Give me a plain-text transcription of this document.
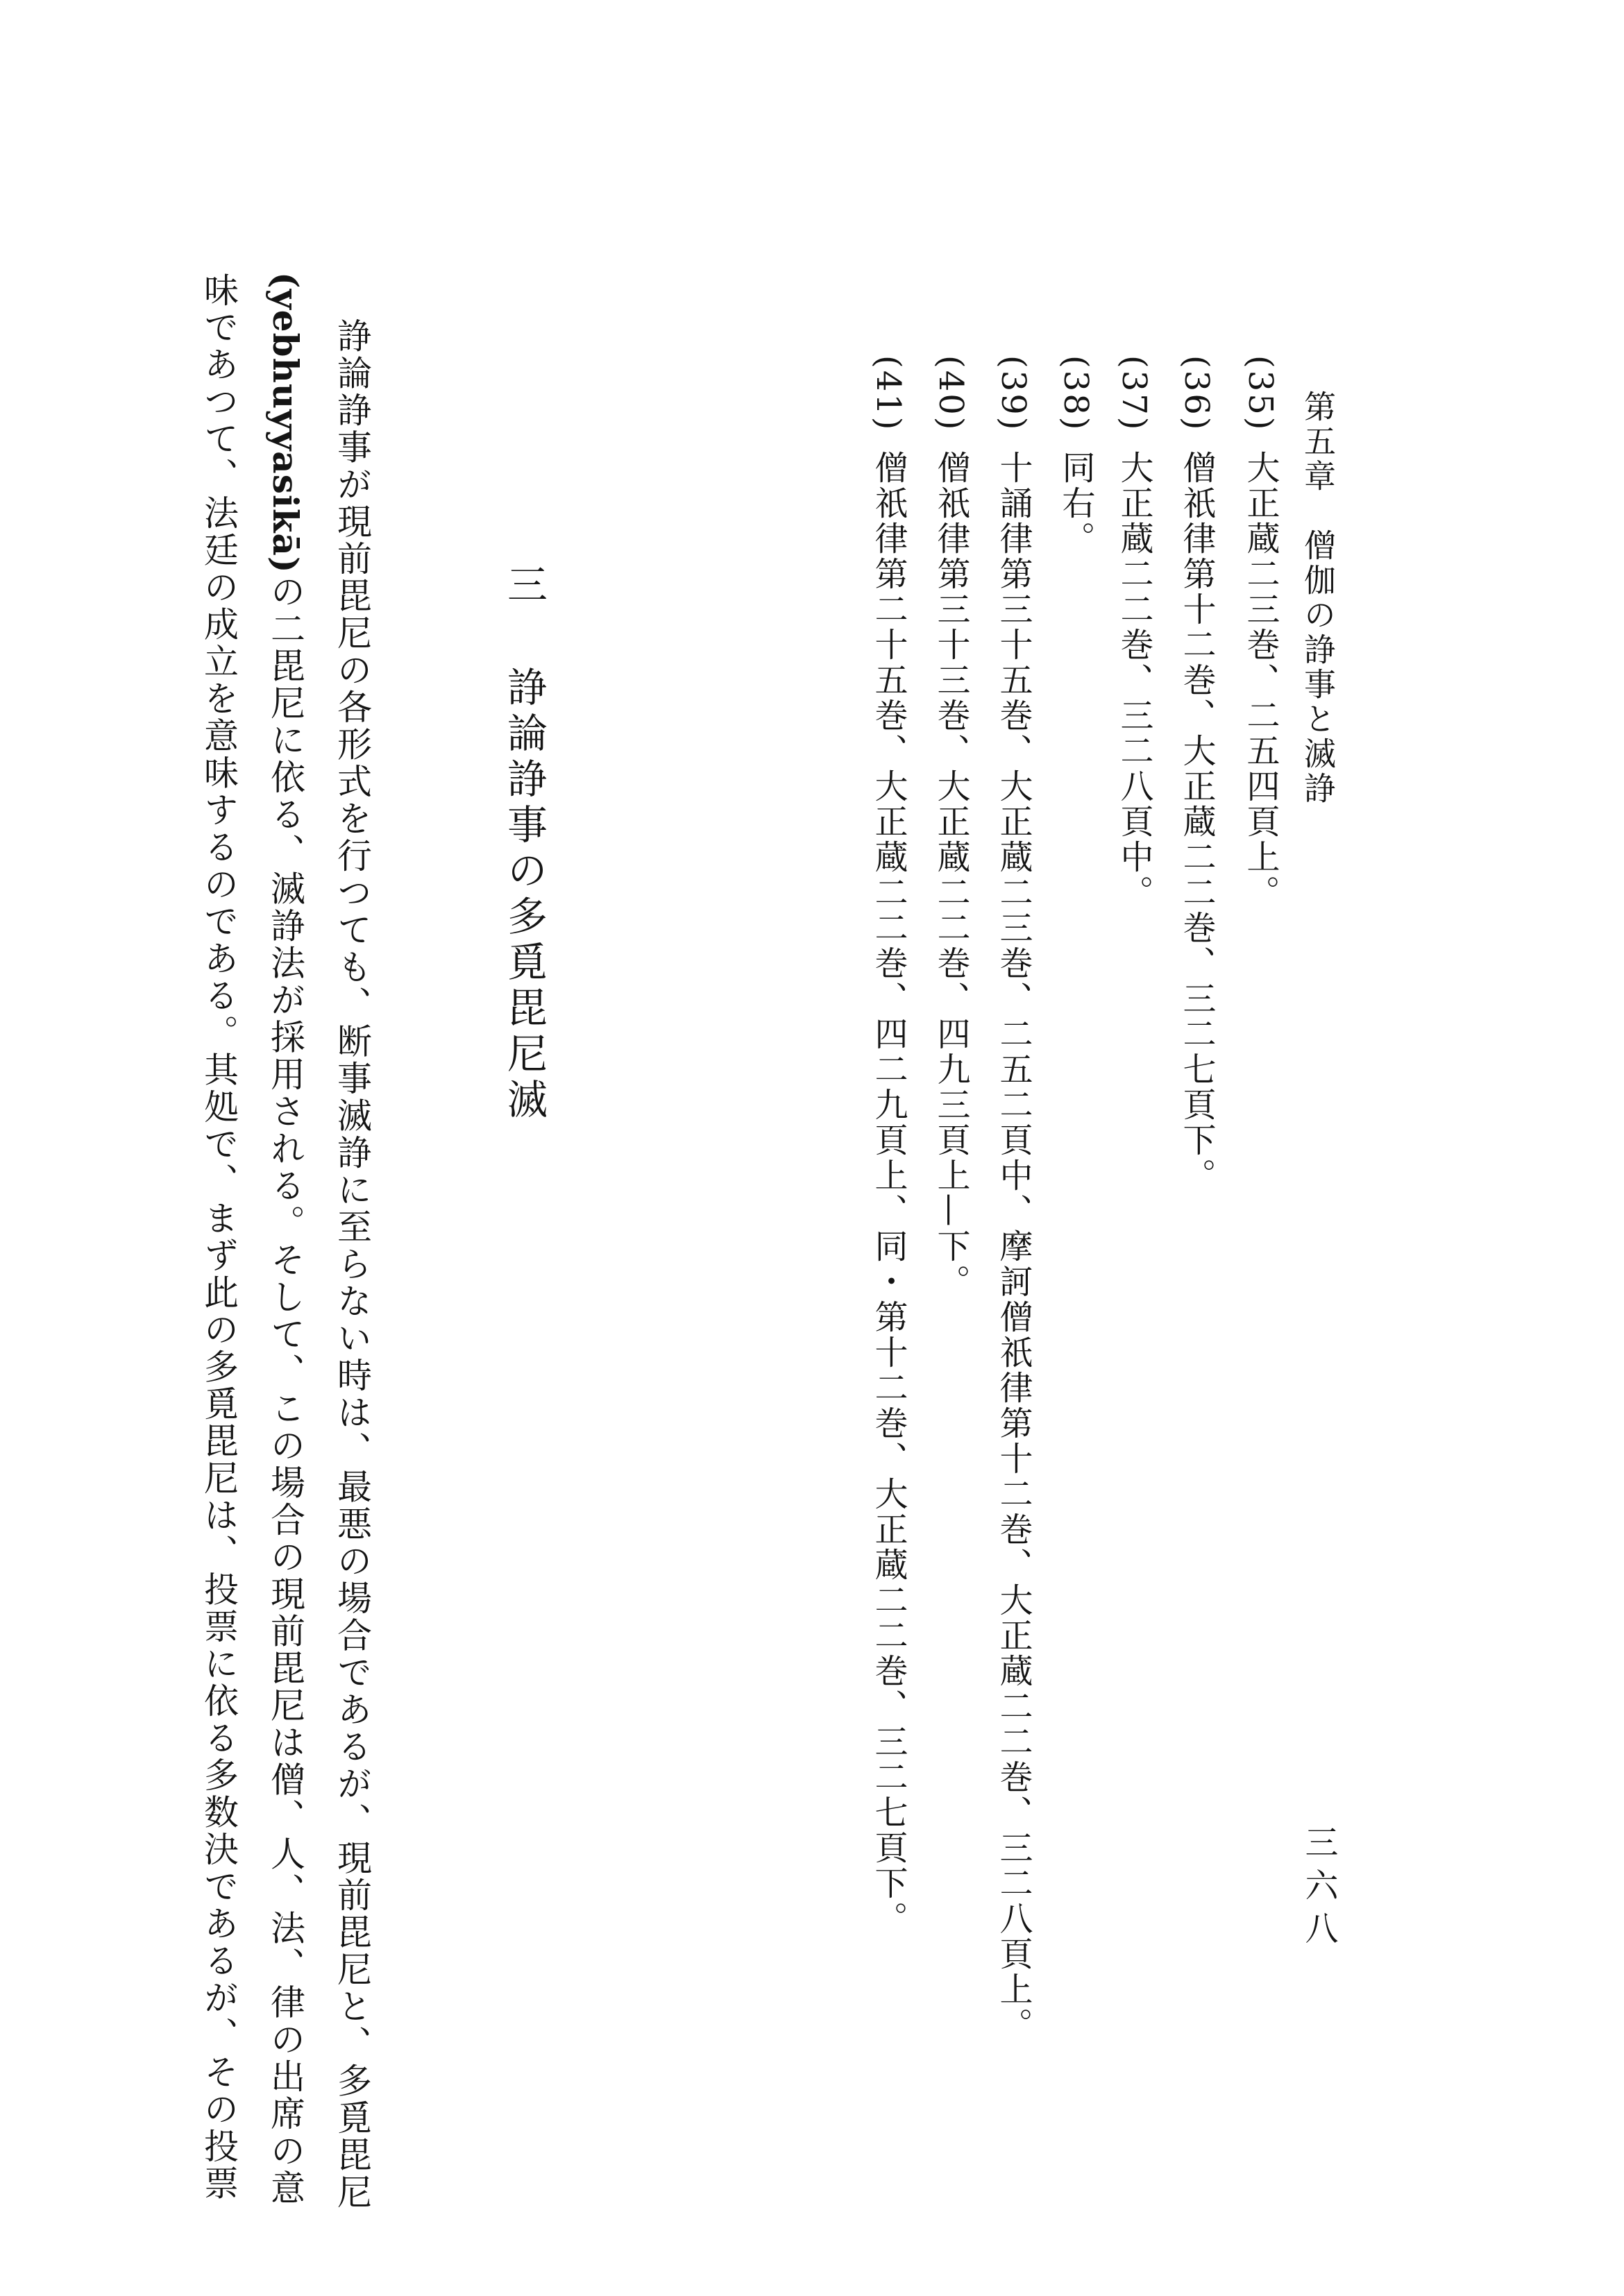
第五章　僧伽の諍事と滅諍
三六八
(35)大正蔵二三巻、二五四頁上。
(36)僧祇律第十二巻、大正蔵二二巻、三二七頁下。
(37)大正蔵二二巻、三二八頁中。
(38)同右。
(39)十誦律第三十五巻、大正蔵二三巻、二五二頁中、摩訶僧祇律第十二巻、大正蔵二二巻、三二八頁上。
(40)僧祇律第三十三巻、大正蔵二二巻、四九三頁上—下。
(41)僧祇律第二十五巻、大正蔵二二巻、四二九頁上、同・第十二巻、大正蔵二二巻、三二七頁下。
三諍論諍事の多覓毘尼滅
諍論諍事が現前毘尼の各形式を行つても、断事滅諍に至らない時は、最悪の場合であるが、現前毘尼と、多覓毘尼
(yebhuyyasikā)の二毘尼に依る、滅諍法が採用される。そして、この場合の現前毘尼は僧、人、法、律の出席の意
味であつて、法廷の成立を意味するのである。其処で、まず此の多覓毘尼は、投票に依る多数決であるが、その投票
